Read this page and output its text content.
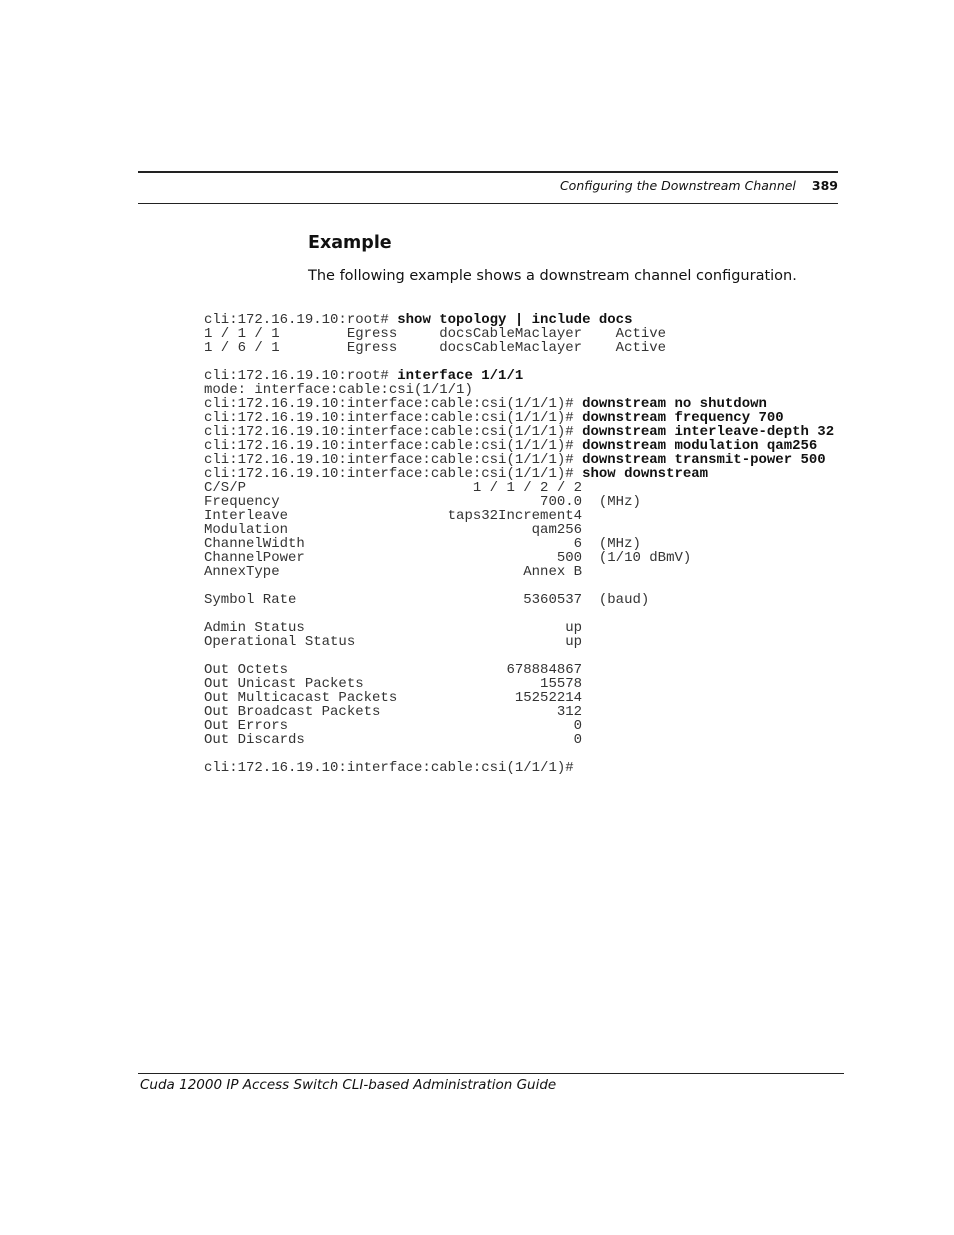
Configuring the Downstream Channel 389
Example

The following example shows a downstream channel configuration.

cli:172.16.19.10:root# show topology | include docs
1 / 1 / 1        Egress     docsCableMaclayer    Active
1 / 6 / 1        Egress     docsCableMaclayer    Active
cli:172.16.19.10:root# interface 1/1/1
mode: interface:cable:csi(1/1/1)
cli:172.16.19.10:interface:cable:csi(1/1/1)# downstream no shutdown
cli:172.16.19.10:interface:cable:csi(1/1/1)# downstream frequency 700
cli:172.16.19.10:interface:cable:csi(1/1/1)# downstream interleave-depth 32
cli:172.16.19.10:interface:cable:csi(1/1/1)# downstream modulation qam256
cli:172.16.19.10:interface:cable:csi(1/1/1)# downstream transmit-power 500
cli:172.16.19.10:interface:cable:csi(1/1/1)# show downstream
C/S/P                           1 / 1 / 2 / 2
Frequency                               700.0  (MHz)
Interleave                   taps32Increment4
Modulation                             qam256
ChannelWidth                                6  (MHz)
ChannelPower                              500  (1/10 dBmV)
AnnexType                             Annex B
Symbol Rate                           5360537  (baud)
Admin Status                               up
Operational Status                         up
Out Octets                          678884867
Out Unicast Packets                     15578
Out Multicacast Packets              15252214
Out Broadcast Packets                     312
Out Errors                                  0
Out Discards                                0
cli:172.16.19.10:interface:cable:csi(1/1/1)#
Cuda 12000 IP Access Switch CLI-based Administration Guide
